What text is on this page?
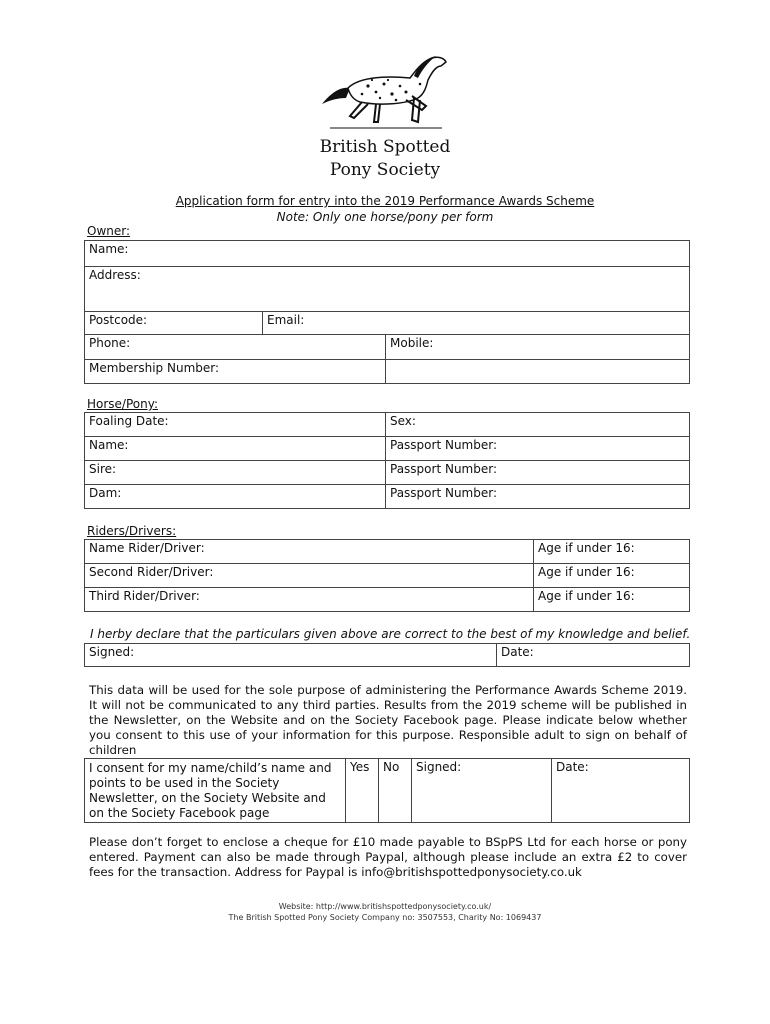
British Spotted
Pony Society
Application form for entry into the 2019 Performance Awards Scheme
Note: Only one horse/pony per form
Owner:
Name:		
Address:		
Postcode:	Email:	
Phone:		Mobile:
Membership Number:		
Horse/Pony:
Foaling Date:	Sex:
Name:	Passport Number:
Sire:	Passport Number:
Dam:	Passport Number:
Riders/Drivers:
Name Rider/Driver:	Age if under 16:
Second Rider/Driver:	Age if under 16:
Third Rider/Driver:	Age if under 16:
I herby declare that the particulars given above are correct to the best of my knowledge and belief.
Signed:	Date:
This data will be used for the sole purpose of administering the Performance Awards Scheme 2019. It will not be communicated to any third parties. Results from the 2019 scheme will be published in the Newsletter, on the Website and on the Society Facebook page. Please indicate below whether you consent to this use of your information for this purpose. Responsible adult to sign on behalf of children
I consent for my name/child’s name and points to be used in the Society Newsletter, on the Society Website and on the Society Facebook page	Yes	No	Signed:	Date:
Please don’t forget to enclose a cheque for £10 made payable to BSpPS Ltd for each horse or pony entered. Payment can also be made through Paypal, although please include an extra £2 to cover fees for the transaction. Address for Paypal is info@britishspottedponysociety.co.uk
Website: http://www.britishspottedponysociety.co.uk/
The British Spotted Pony Society Company no: 3507553, Charity No: 1069437
